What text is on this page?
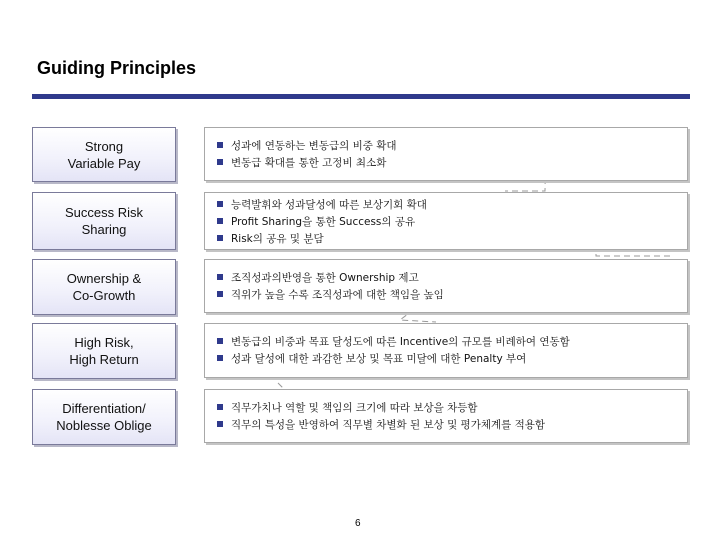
Guiding Principles
Strong
Variable Pay
성과에 연동하는 변동급의 비중 확대
변동급 확대를 통한 고정비 최소화
Success Risk
Sharing
능력발휘와 성과달성에 따른 보상기회 확대
Profit Sharing을 통한 Success의 공유
Risk의 공유 및 분담
Ownership &
Co-Growth
조직성과의반영을 통한 Ownership 제고
직위가 높을 수록 조직성과에 대한 책임을 높임
High Risk,
High Return
변동급의 비중과 목표 달성도에 따른 Incentive의 규모를 비례하여 연동함
성과 달성에 대한 과감한 보상 및 목표 미달에 대한 Penalty 부여
Differentiation/
Noblesse Oblige
직무가치나 역할 및 책임의 크기에 따라 보상을 차등함
직무의 특성을 반영하여 직무별 차별화 된 보상 및 평가체계를 적용함
6
